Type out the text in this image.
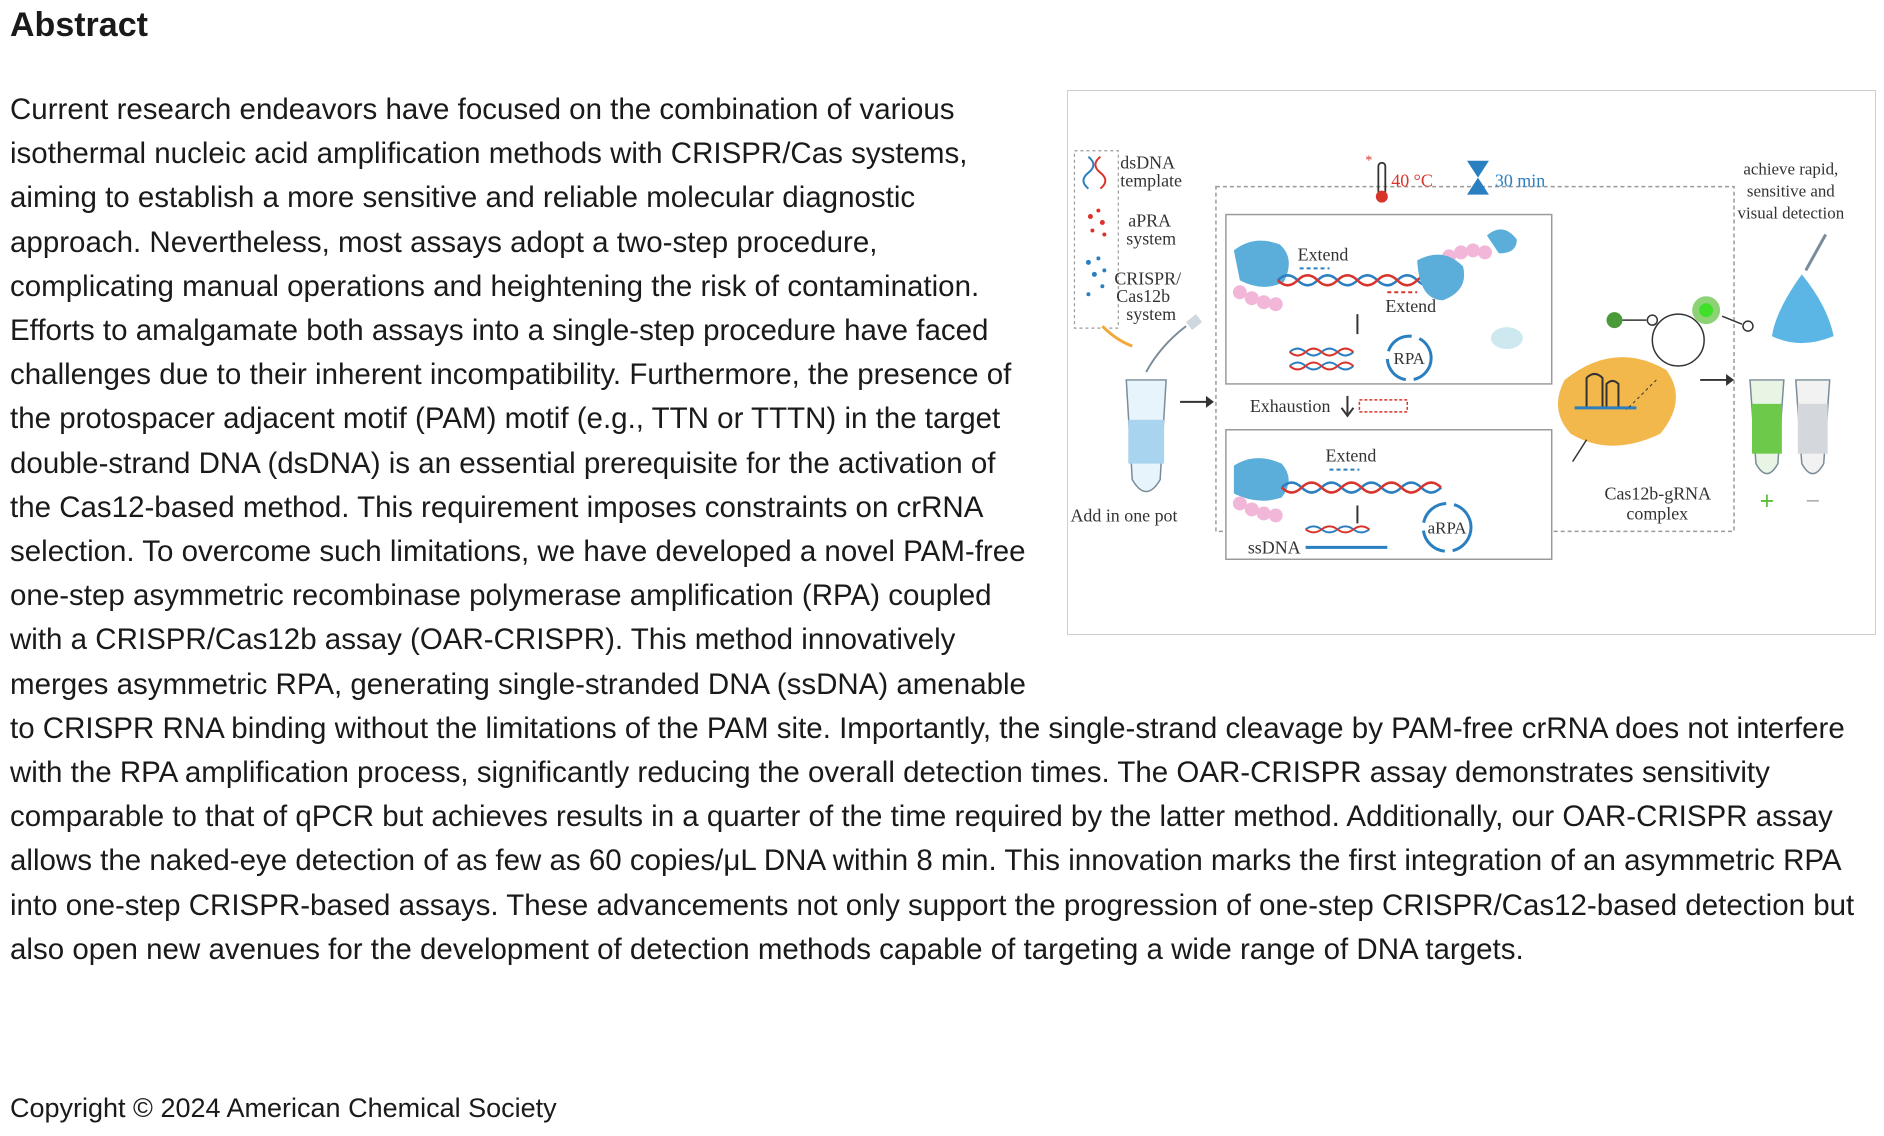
Abstract

Current research endeavors have focused on the combination of various isothermal nucleic acid amplification methods with CRISPR/Cas systems, aiming to establish a more sensitive and reliable molecular diagnostic approach. Nevertheless, most assays adopt a two-step procedure, complicating manual operations and heightening the risk of contamination. Efforts to amalgamate both assays into a single-step procedure have faced challenges due to their inherent incompatibility. Furthermore, the presence of the protospacer adjacent motif (PAM) motif (e.g., TTN or TTTN) in the target double-strand DNA (dsDNA) is an essential prerequisite for the activation of the Cas12-based method. This requirement imposes constraints on crRNA selection. To overcome such limitations, we have developed a novel PAM-free one-step asymmetric recombinase polymerase amplification (RPA) coupled with a CRISPR/Cas12b assay (OAR-CRISPR). This method innovatively merges asymmetric RPA, generating single-stranded DNA (ssDNA) amenable to CRISPR RNA binding without the limitations of the PAM site. Importantly, the single-strand cleavage by PAM-free crRNA does not interfere with the RPA amplification process, significantly reducing the overall detection times. The OAR-CRISPR assay demonstrates sensitivity comparable to that of qPCR but achieves results in a quarter of the time required by the latter method. Additionally, our OAR-CRISPR assay allows the naked-eye detection of as few as 60 copies/μL DNA within 8 min. This innovation marks the first integration of an asymmetric RPA into one-step CRISPR-based assays. These advancements not only support the progression of one-step CRISPR/Cas12-based detection but also open new avenues for the development of detection methods capable of targeting a wide range of DNA targets.

dsDNA
template
aPRA
system
CRISPR/
Cas12b
system
*
40 °C	30 min
achieve rapid,
sensitive and
visual detection
Extend
Extend
RPA
Exhaustion
Extend
ssDNA
aRPA
Add in one pot
Cas12b-gRNA
complex	+ −
Copyright © 2024 American Chemical Society
